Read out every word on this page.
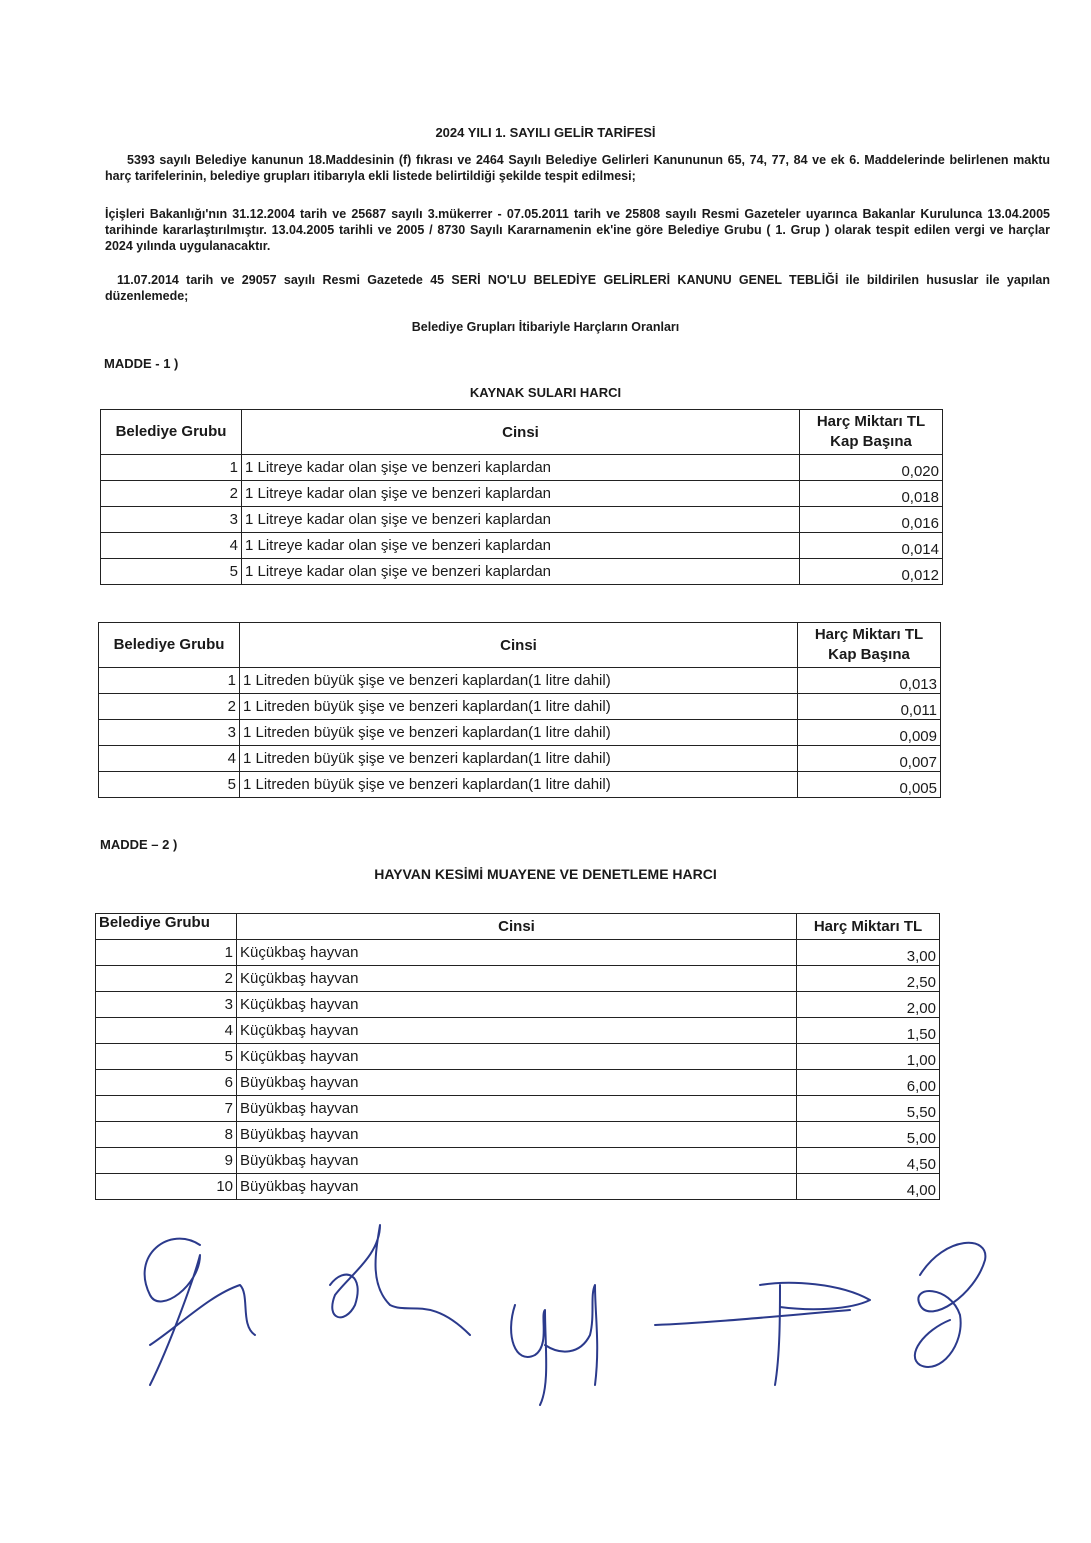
2024 YILI 1. SAYILI GELİR TARİFESİ
5393 sayılı Belediye kanunun 18.Maddesinin (f) fıkrası ve 2464 Sayılı Belediye Gelirleri Kanununun 65, 74, 77, 84 ve ek 6. Maddelerinde belirlenen maktu harç tarifelerinin, belediye grupları itibarıyla ekli listede belirtildiği şekilde tespit edilmesi;
İçişleri Bakanlığı'nın 31.12.2004 tarih ve 25687 sayılı 3.mükerrer - 07.05.2011 tarih ve 25808 sayılı Resmi Gazeteler uyarınca Bakanlar Kurulunca 13.04.2005 tarihinde kararlaştırılmıştır. 13.04.2005 tarihli ve 2005 / 8730 Sayılı Kararnamenin ek'ine göre Belediye Grubu ( 1. Grup ) olarak tespit edilen vergi ve harçlar 2024 yılında uygulanacaktır.
11.07.2014 tarih ve 29057 sayılı Resmi Gazetede 45 SERİ NO'LU BELEDİYE GELİRLERİ KANUNU GENEL TEBLİĞİ ile bildirilen hususlar ile yapılan düzenlemede;
Belediye Grupları İtibariyle Harçların Oranları
MADDE - 1 )
KAYNAK SULARI HARCI
Belediye Grubu	Cinsi	Harç Miktarı TL Kap Başına
1	1 Litreye kadar olan şişe ve benzeri kaplardan	0,020
2	1 Litreye kadar olan şişe ve benzeri kaplardan	0,018
3	1 Litreye kadar olan şişe ve benzeri kaplardan	0,016
4	1 Litreye kadar olan şişe ve benzeri kaplardan	0,014
5	1 Litreye kadar olan şişe ve benzeri kaplardan	0,012
Belediye Grubu	Cinsi	Harç Miktarı TL Kap Başına
1	1 Litreden büyük şişe ve benzeri kaplardan(1 litre dahil)	0,013
2	1 Litreden büyük şişe ve benzeri kaplardan(1 litre dahil)	0,011
3	1 Litreden büyük şişe ve benzeri kaplardan(1 litre dahil)	0,009
4	1 Litreden büyük şişe ve benzeri kaplardan(1 litre dahil)	0,007
5	1 Litreden büyük şişe ve benzeri kaplardan(1 litre dahil)	0,005
MADDE – 2 )
HAYVAN KESİMİ MUAYENE VE DENETLEME HARCI
Belediye Grubu	Cinsi	Harç Miktarı TL
1	Küçükbaş hayvan	3,00
2	Küçükbaş hayvan	2,50
3	Küçükbaş hayvan	2,00
4	Küçükbaş hayvan	1,50
5	Küçükbaş hayvan	1,00
6	Büyükbaş hayvan	6,00
7	Büyükbaş hayvan	5,50
8	Büyükbaş hayvan	5,00
9	Büyükbaş hayvan	4,50
10	Büyükbaş hayvan	4,00
